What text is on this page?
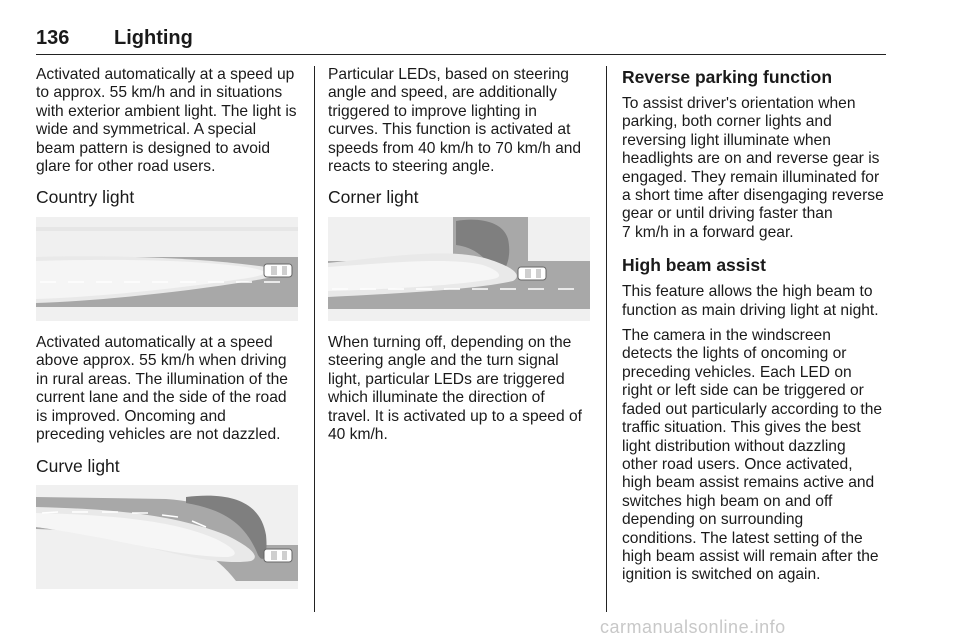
136 Lighting

Activated automatically at a speed up
to approx. 55 km/h and in situations
with exterior ambient light. The light is
wide and symmetrical. A special
beam pattern is designed to avoid
glare for other road users.

Country light

Activated automatically at a speed
above approx. 55 km/h when driving
in rural areas. The illumination of the
current lane and the side of the road
is improved. Oncoming and
preceding vehicles are not dazzled.

Curve light

Particular LEDs, based on steering
angle and speed, are additionally
triggered to improve lighting in
curves. This function is activated at
speeds from 40 km/h to 70 km/h and
reacts to steering angle.

Corner light

When turning off, depending on the
steering angle and the turn signal
light, particular LEDs are triggered
which illuminate the direction of
travel. It is activated up to a speed of
40 km/h.

Reverse parking function

To assist driver's orientation when
parking, both corner lights and
reversing light illuminate when
headlights are on and reverse gear is
engaged. They remain illuminated for
a short time after disengaging reverse
gear or until driving faster than
7 km/h in a forward gear.

High beam assist

This feature allows the high beam to
function as main driving light at night.

The camera in the windscreen
detects the lights of oncoming or
preceding vehicles. Each LED on
right or left side can be triggered or
faded out particularly according to the
traffic situation. This gives the best
light distribution without dazzling
other road users. Once activated,
high beam assist remains active and
switches high beam on and off
depending on surrounding
conditions. The latest setting of the
high beam assist will remain after the
ignition is switched on again.

carmanualsonline.info
